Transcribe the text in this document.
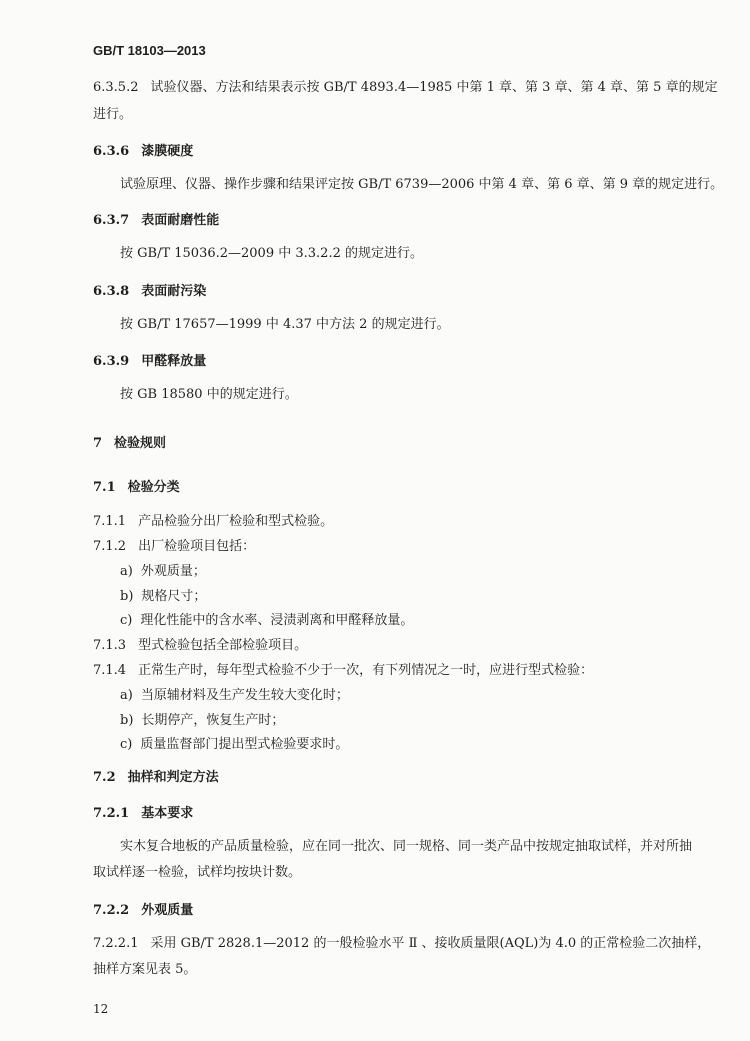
GB/T 18103—2013
6.3.5.2 试验仪器、方法和结果表示按 GB/T 4893.4—1985 中第 1 章、第 3 章、第 4 章、第 5 章的规定
进行。
6.3.6 漆膜硬度
试验原理、仪器、操作步骤和结果评定按 GB/T 6739—2006 中第 4 章、第 6 章、第 9 章的规定进行。
6.3.7 表面耐磨性能
按 GB/T 15036.2—2009 中 3.3.2.2 的规定进行。
6.3.8 表面耐污染
按 GB/T 17657—1999 中 4.37 中方法 2 的规定进行。
6.3.9 甲醛释放量
按 GB 18580 中的规定进行。
7 检验规则
7.1 检验分类
7.1.1 产品检验分出厂检验和型式检验。
7.1.2 出厂检验项目包括：
a) 外观质量；
b) 规格尺寸；
c) 理化性能中的含水率、浸渍剥离和甲醛释放量。
7.1.3 型式检验包括全部检验项目。
7.1.4 正常生产时，每年型式检验不少于一次，有下列情况之一时，应进行型式检验：
a) 当原辅材料及生产发生较大变化时；
b) 长期停产，恢复生产时；
c) 质量监督部门提出型式检验要求时。
7.2 抽样和判定方法
7.2.1 基本要求
实木复合地板的产品质量检验，应在同一批次、同一规格、同一类产品中按规定抽取试样，并对所抽
取试样逐一检验，试样均按块计数。
7.2.2 外观质量
7.2.2.1 采用 GB/T 2828.1—2012 的一般检验水平 Ⅱ 、接收质量限(AQL)为 4.0 的正常检验二次抽样，
抽样方案见表 5。
12
